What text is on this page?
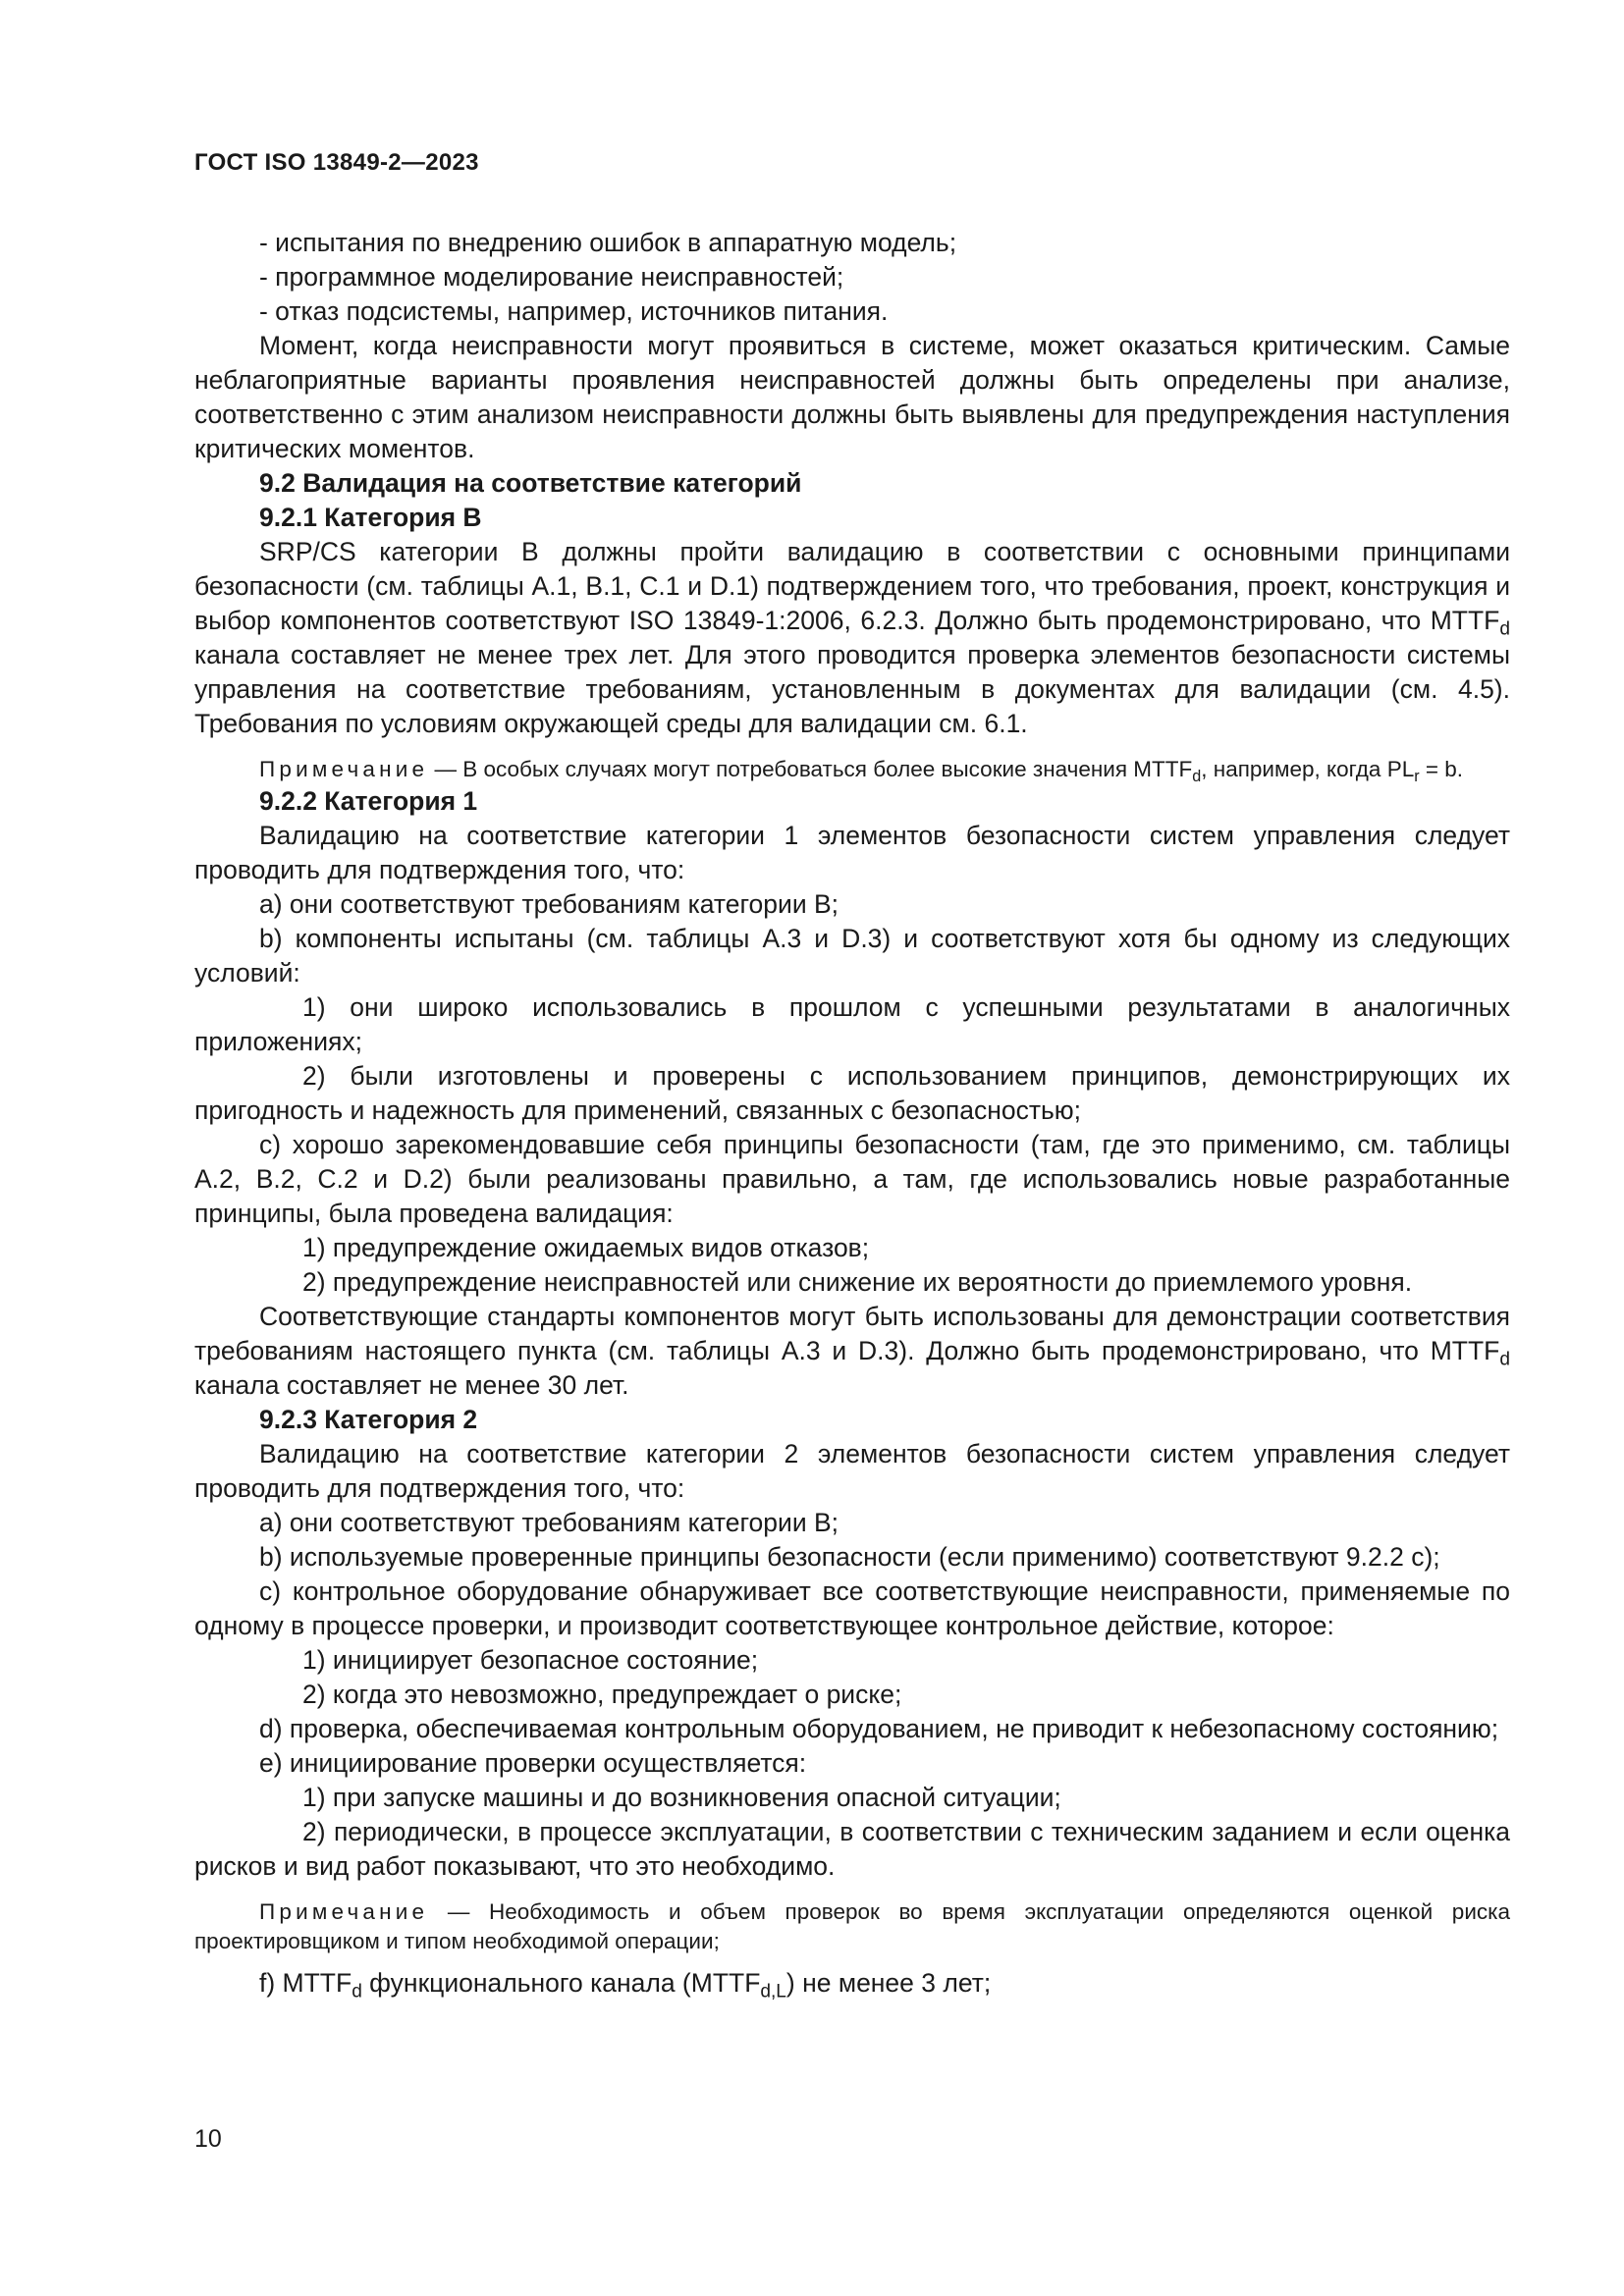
ГОСТ ISO 13849-2—2023

- испытания по внедрению ошибок в аппаратную модель;

- программное моделирование неисправностей;

- отказ подсистемы, например, источников питания.

Момент, когда неисправности могут проявиться в системе, может оказаться критическим. Самые неблагоприятные варианты проявления неисправностей должны быть определены при анализе, соответственно с этим анализом неисправности должны быть выявлены для предупреждения наступления критических моментов.

9.2 Валидация на соответствие категорий

9.2.1 Категория В

SRP/CS категории В должны пройти валидацию в соответствии с основными принципами безопасности (см. таблицы А.1, В.1, С.1 и D.1) подтверждением того, что требования, проект, конструкция и выбор компонентов соответствуют ISO 13849-1:2006, 6.2.3. Должно быть продемонстрировано, что $MTTF_d$ канала составляет не менее трех лет. Для этого проводится проверка элементов безопасности системы управления на соответствие требованиям, установленным в документах для валидации (см. 4.5). Требования по условиям окружающей среды для валидации см. 6.1.

Примечание — В особых случаях могут потребоваться более высокие значения $MTTF_d$, например, когда $PL_r = b$.

9.2.2 Категория 1

Валидацию на соответствие категории 1 элементов безопасности систем управления следует проводить для подтверждения того, что:

а) они соответствуют требованиям категории В;

b) компоненты испытаны (см. таблицы А.3 и D.3) и соответствуют хотя бы одному из следующих условий:

1) они широко использовались в прошлом с успешными результатами в аналогичных приложениях;

2) были изготовлены и проверены с использованием принципов, демонстрирующих их пригодность и надежность для применений, связанных с безопасностью;

с) хорошо зарекомендовавшие себя принципы безопасности (там, где это применимо, см. таблицы А.2, В.2, С.2 и D.2) были реализованы правильно, а там, где использовались новые разработанные принципы, была проведена валидация:

1) предупреждение ожидаемых видов отказов;

2) предупреждение неисправностей или снижение их вероятности до приемлемого уровня.

Соответствующие стандарты компонентов могут быть использованы для демонстрации соответствия требованиям настоящего пункта (см. таблицы А.3 и D.3). Должно быть продемонстрировано, что $MTTF_d$ канала составляет не менее 30 лет.

9.2.3 Категория 2

Валидацию на соответствие категории 2 элементов безопасности систем управления следует проводить для подтверждения того, что:

а) они соответствуют требованиям категории В;

b) используемые проверенные принципы безопасности (если применимо) соответствуют 9.2.2 с);

с) контрольное оборудование обнаруживает все соответствующие неисправности, применяемые по одному в процессе проверки, и производит соответствующее контрольное действие, которое:

1) инициирует безопасное состояние;

2) когда это невозможно, предупреждает о риске;

d) проверка, обеспечиваемая контрольным оборудованием, не приводит к небезопасному состоянию;

е) инициирование проверки осуществляется:

1) при запуске машины и до возникновения опасной ситуации;

2) периодически, в процессе эксплуатации, в соответствии с техническим заданием и если оценка рисков и вид работ показывают, что это необходимо.

Примечание — Необходимость и объем проверок во время эксплуатации определяются оценкой риска проектировщиком и типом необходимой операции;

f) $MTTF_d$ функционального канала $(MTTF_{d,L})$ не менее 3 лет;

10
